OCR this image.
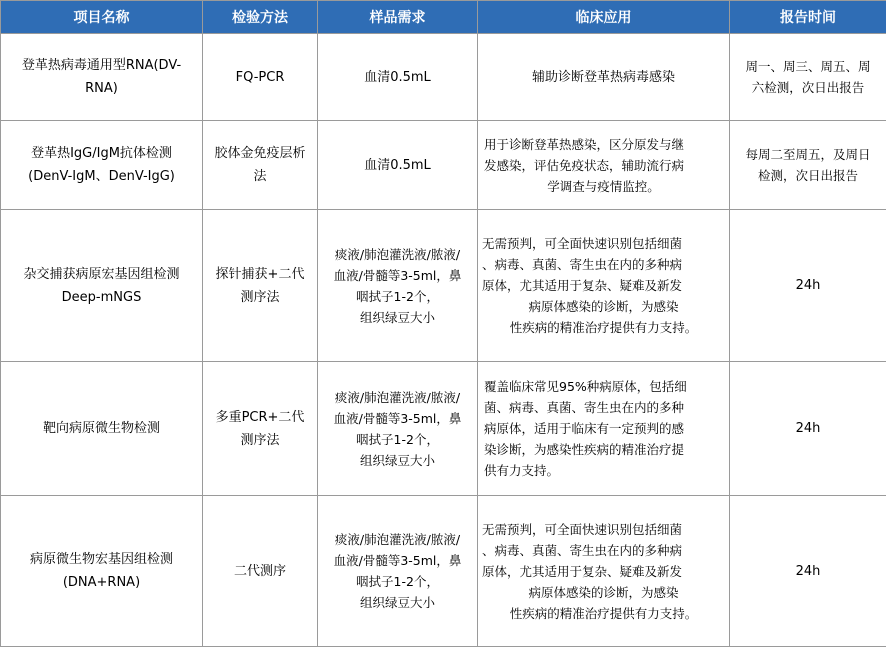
项目名称	检验方法	样品需求	临床应用	报告时间

登革热病毒通用型RNA(DV-
RNA)	FQ-PCR	血清0.5mL	辅助诊断登革热病毒感染	周一、周三、周五、周
六检测，次日出报告

登革热IgG/IgM抗体检测
(DenV-IgM、DenV-IgG)	胶体金免疫层析
法	血清0.5mL	用于诊断登革热感染，区分原发与继
发感染，评估免疫状态，辅助流行病
学调查与疫情监控。	每周二至周五，及周日
检测，次日出报告

杂交捕获病原宏基因组检测
Deep-mNGS	探针捕获+二代
测序法	痰液/肺泡灌洗液/脓液/
血液/骨髓等3-5ml，鼻
咽拭子1-2个，
组织绿豆大小	无需预判，可全面快速识别包括细菌
、病毒、真菌、寄生虫在内的多种病
原体，尤其适用于复杂、疑难及新发
病原体感染的诊断，为感染
性疾病的精准治疗提供有力支持。	24h

靶向病原微生物检测	多重PCR+二代
测序法	痰液/肺泡灌洗液/脓液/
血液/骨髓等3-5ml，鼻
咽拭子1-2个，
组织绿豆大小	覆盖临床常见95%种病原体，包括细
菌、病毒、真菌、寄生虫在内的多种
病原体，适用于临床有一定预判的感
染诊断，为感染性疾病的精准治疗提
供有力支持。	24h

病原微生物宏基因组检测
(DNA+RNA)	二代测序	痰液/肺泡灌洗液/脓液/
血液/骨髓等3-5ml，鼻
咽拭子1-2个，
组织绿豆大小	无需预判，可全面快速识别包括细菌
、病毒、真菌、寄生虫在内的多种病
原体，尤其适用于复杂、疑难及新发
病原体感染的诊断，为感染
性疾病的精准治疗提供有力支持。	24h
